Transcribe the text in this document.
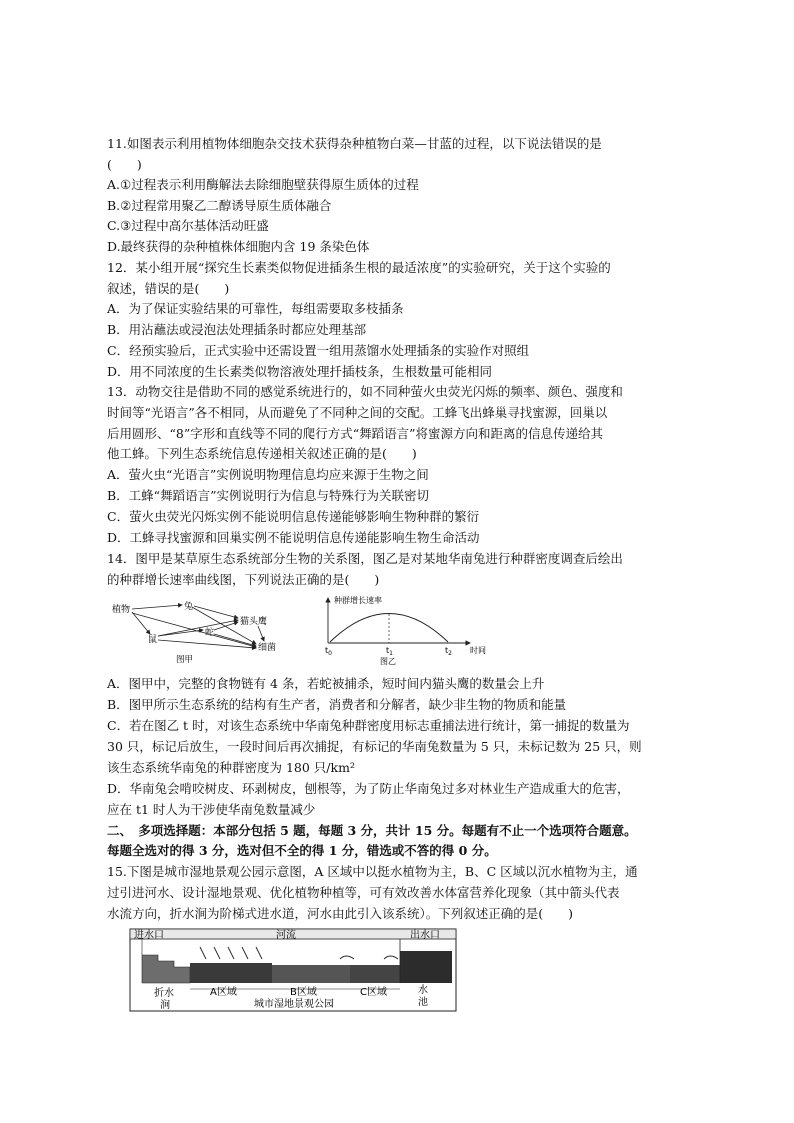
11.如图表示利用植物体细胞杂交技术获得杂种植物白菜—甘蓝的过程，以下说法错误的是
(　　)
A.①过程表示利用酶解法去除细胞壁获得原生质体的过程
B.②过程常用聚乙二醇诱导原生质体融合
C.③过程中高尔基体活动旺盛
D.最终获得的杂种植株体细胞内含 19 条染色体
12．某小组开展“探究生长素类似物促进插条生根的最适浓度”的实验研究，关于这个实验的
叙述，错误的是(　　)
A．为了保证实验结果的可靠性，每组需要取多枝插条
B．用沾蘸法或浸泡法处理插条时都应处理基部
C．经预实验后，正式实验中还需设置一组用蒸馏水处理插条的实验作对照组
D．用不同浓度的生长素类似物溶液处理扦插枝条，生根数量可能相同
13．动物交往是借助不同的感觉系统进行的，如不同种萤火虫荧光闪烁的频率、颜色、强度和
时间等“光语言”各不相同，从而避免了不同种之间的交配。工蜂飞出蜂巢寻找蜜源，回巢以
后用圆形、“8”字形和直线等不同的爬行方式“舞蹈语言”将蜜源方向和距离的信息传递给其
他工蜂。下列生态系统信息传递相关叙述正确的是(　　)
A．萤火虫“光语言”实例说明物理信息均应来源于生物之间
B．工蜂“舞蹈语言”实例说明行为信息与特殊行为关联密切
C．萤火虫荧光闪烁实例不能说明信息传递能够影响生物种群的繁衍
D．工蜂寻找蜜源和回巢实例不能说明信息传递能影响生物生命活动
14．图甲是某草原生态系统部分生物的关系图，图乙是对某地华南兔进行种群密度调查后绘出
的种群增长速率曲线图，下列说法正确的是(　　)
植物	兔
鼠
蛇
猫头鹰
细菌
图甲
种群增长速率
时间
$t_0$	$t_1$	$t_2$
图乙
A．图甲中，完整的食物链有 4 条，若蛇被捕杀，短时间内猫头鹰的数量会上升
B．图甲所示生态系统的结构有生产者，消费者和分解者，缺少非生物的物质和能量
C．若在图乙 t 时，对该生态系统中华南兔种群密度用标志重捕法进行统计，第一捕捉的数量为
30 只，标记后放生，一段时间后再次捕捉，有标记的华南兔数量为 5 只，未标记数为 25 只，则
该生态系统华南兔的种群密度为 180 只/km²
D．华南兔会啃咬树皮、环剥树皮，刨根等，为了防止华南兔过多对林业生产造成重大的危害，
应在 t1 时人为干涉使华南兔数量减少
二、　多项选择题：本部分包括 5 题，每题 3 分，共计 15 分。每题有不止一个选项符合题意。
每题全选对的得 3 分，选对但不全的得 1 分，错选或不答的得 0 分。
15.下图是城市湿地景观公园示意图，A 区域中以挺水植物为主，B、C 区域以沉水植物为主，通
过引进河水、设计湿地景观、优化植物种植等，可有效改善水体富营养化现象（其中箭头代表
水流方向，折水涧为阶梯式进水道，河水由此引入该系统）。下列叙述正确的是(　　)
进水口	河流	出水口
折水
涧
A区域	B区域	C区域	水
池
城市湿地景观公园
